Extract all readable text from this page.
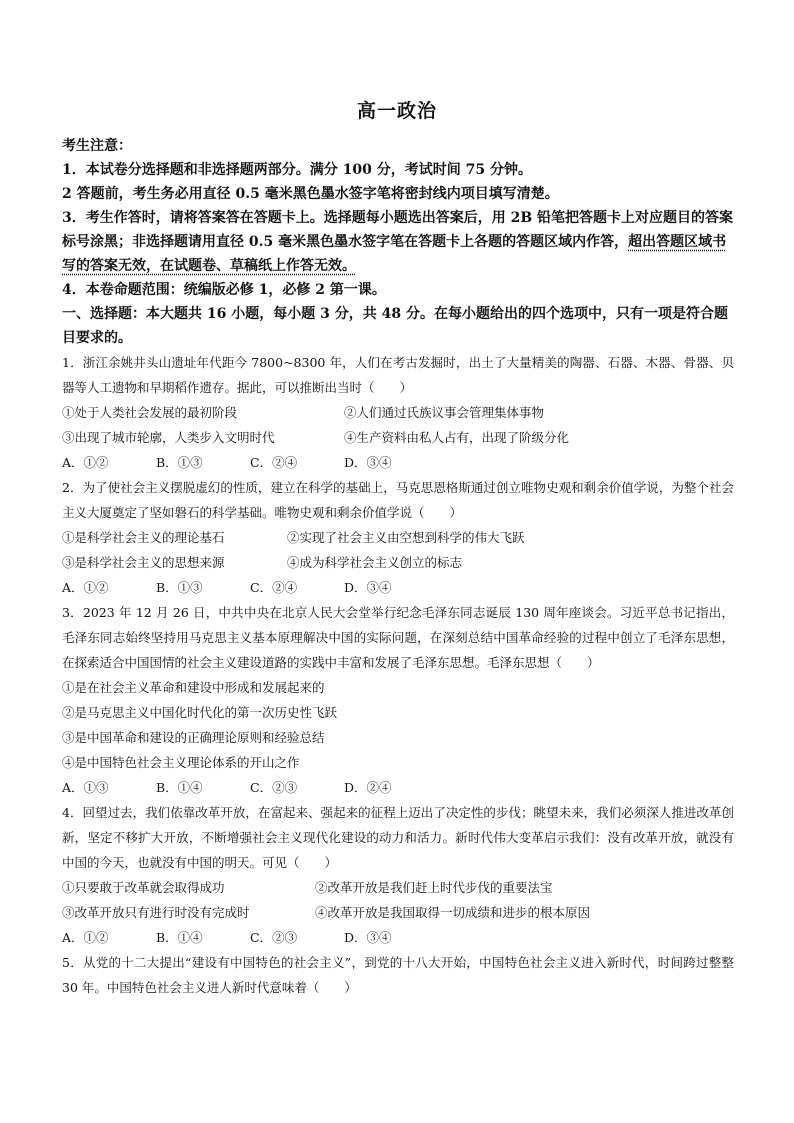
高一政治

考生注意：

1．本试卷分选择题和非选择题两部分。满分 100 分，考试时间 75 分钟。

2 答题前，考生务必用直径 0.5 毫米黑色墨水签字笔将密封线内项目填写清楚。

3．考生作答时，请将答案答在答题卡上。选择题每小题选出答案后，用 2B 铅笔把答题卡上对应题目的答案标号涂黑；非选择题请用直径 0.5 毫米黑色墨水签字笔在答题卡上各题的答题区域内作答，超出答题区域书写的答案无效，在试题卷、草稿纸上作答无效。

4．本卷命题范围：统编版必修 1，必修 2 第一课。

一、选择题：本大题共 16 小题，每小题 3 分，共 48 分。在每小题给出的四个选项中，只有一项是符合题目要求的。

1．浙江余姚井头山遗址年代距今 7800~8300 年，人们在考古发掘时，出土了大量精美的陶器、石器、木器、骨器、贝器等人工遗物和早期稻作遗存。据此，可以推断出当时（　　）

①处于人类社会发展的最初阶段	②人们通过氏族议事会管理集体事物
③出现了城市轮廓，人类步入文明时代	④生产资料由私人占有，出现了阶级分化
A．①②	B．①③	C．②④	D．③④

2．为了使社会主义摆脱虚幻的性质，建立在科学的基础上，马克思恩格斯通过创立唯物史观和剩余价值学说，为整个社会主义大厦奠定了坚如磐石的科学基础。唯物史观和剩余价值学说（　　）

①是科学社会主义的理论基石	②实现了社会主义由空想到科学的伟大飞跃
③是科学社会主义的思想来源	④成为科学社会主义创立的标志
A．①②	B．①③	C．②④	D．③④

3．2023 年 12 月 26 日，中共中央在北京人民大会堂举行纪念毛泽东同志诞辰 130 周年座谈会。习近平总书记指出，毛泽东同志始终坚持用马克思主义基本原理解决中国的实际问题，在深刻总结中国革命经验的过程中创立了毛泽东思想，在探索适合中国国情的社会主义建设道路的实践中丰富和发展了毛泽东思想。毛泽东思想（　　）

①是在社会主义革命和建设中形成和发展起来的
②是马克思主义中国化时代化的第一次历史性飞跃
③是中国革命和建设的正确理论原则和经验总结
④是中国特色社会主义理论体系的开山之作
A．①③	B．①④	C．②③	D．②④

4．回望过去，我们依靠改革开放，在富起来、强起来的征程上迈出了决定性的步伐；眺望未来，我们必须深人推进改革创新，坚定不移扩大开放，不断增强社会主义现代化建设的动力和活力。新时代伟大变革启示我们：没有改革开放，就没有中国的今天，也就没有中国的明天。可见（　　）

①只要敢于改革就会取得成功	②改革开放是我们赶上时代步伐的重要法宝
③改革开放只有进行时没有完成时	④改革开放是我国取得一切成绩和进步的根本原因
A．①②	B．①④	C．②③	D．③④

5．从党的十二大提出“建设有中国特色的社会主义”，到党的十八大开始，中国特色社会主义进入新时代，时间跨过整整 30 年。中国特色社会主义进人新时代意味着（　　）
